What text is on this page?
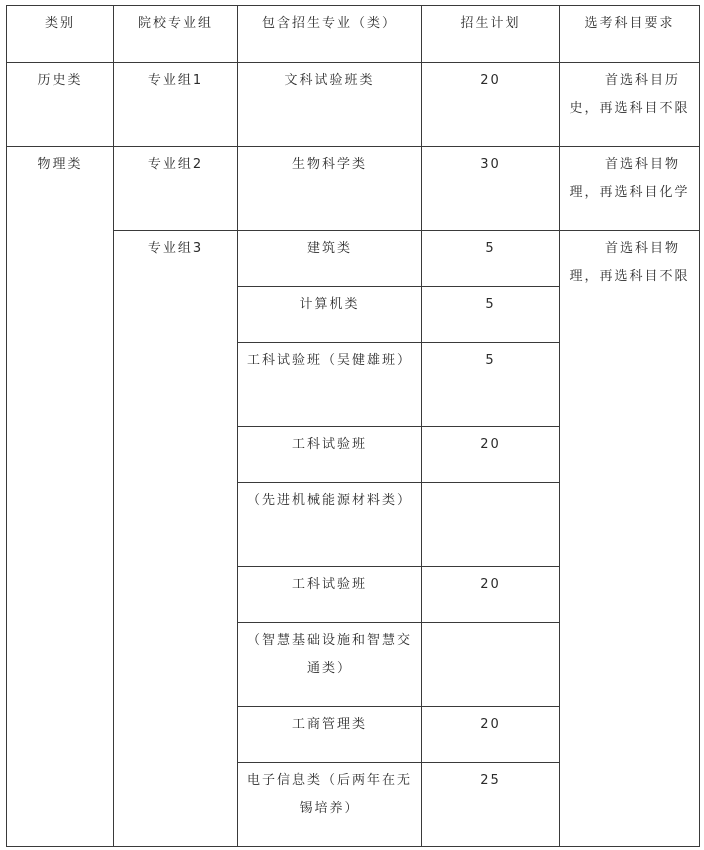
类别	院校专业组	包含招生专业（类）	招生计划	选考科目要求
历史类	专业组1	文科试验班类	20	首选科目历史，再选科目不限
物理类	专业组2	生物科学类	30	首选科目物理，再选科目化学
	专业组3	建筑类	5	首选科目物理，再选科目不限
		计算机类	5	
		工科试验班（吴健雄班）	5	
		工科试验班	20	
		（先进机械能源材料类）		
		工科试验班	20	
		（智慧基础设施和智慧交通类）		
		工商管理类	20	
		电子信息类（后两年在无锡培养）	25	
